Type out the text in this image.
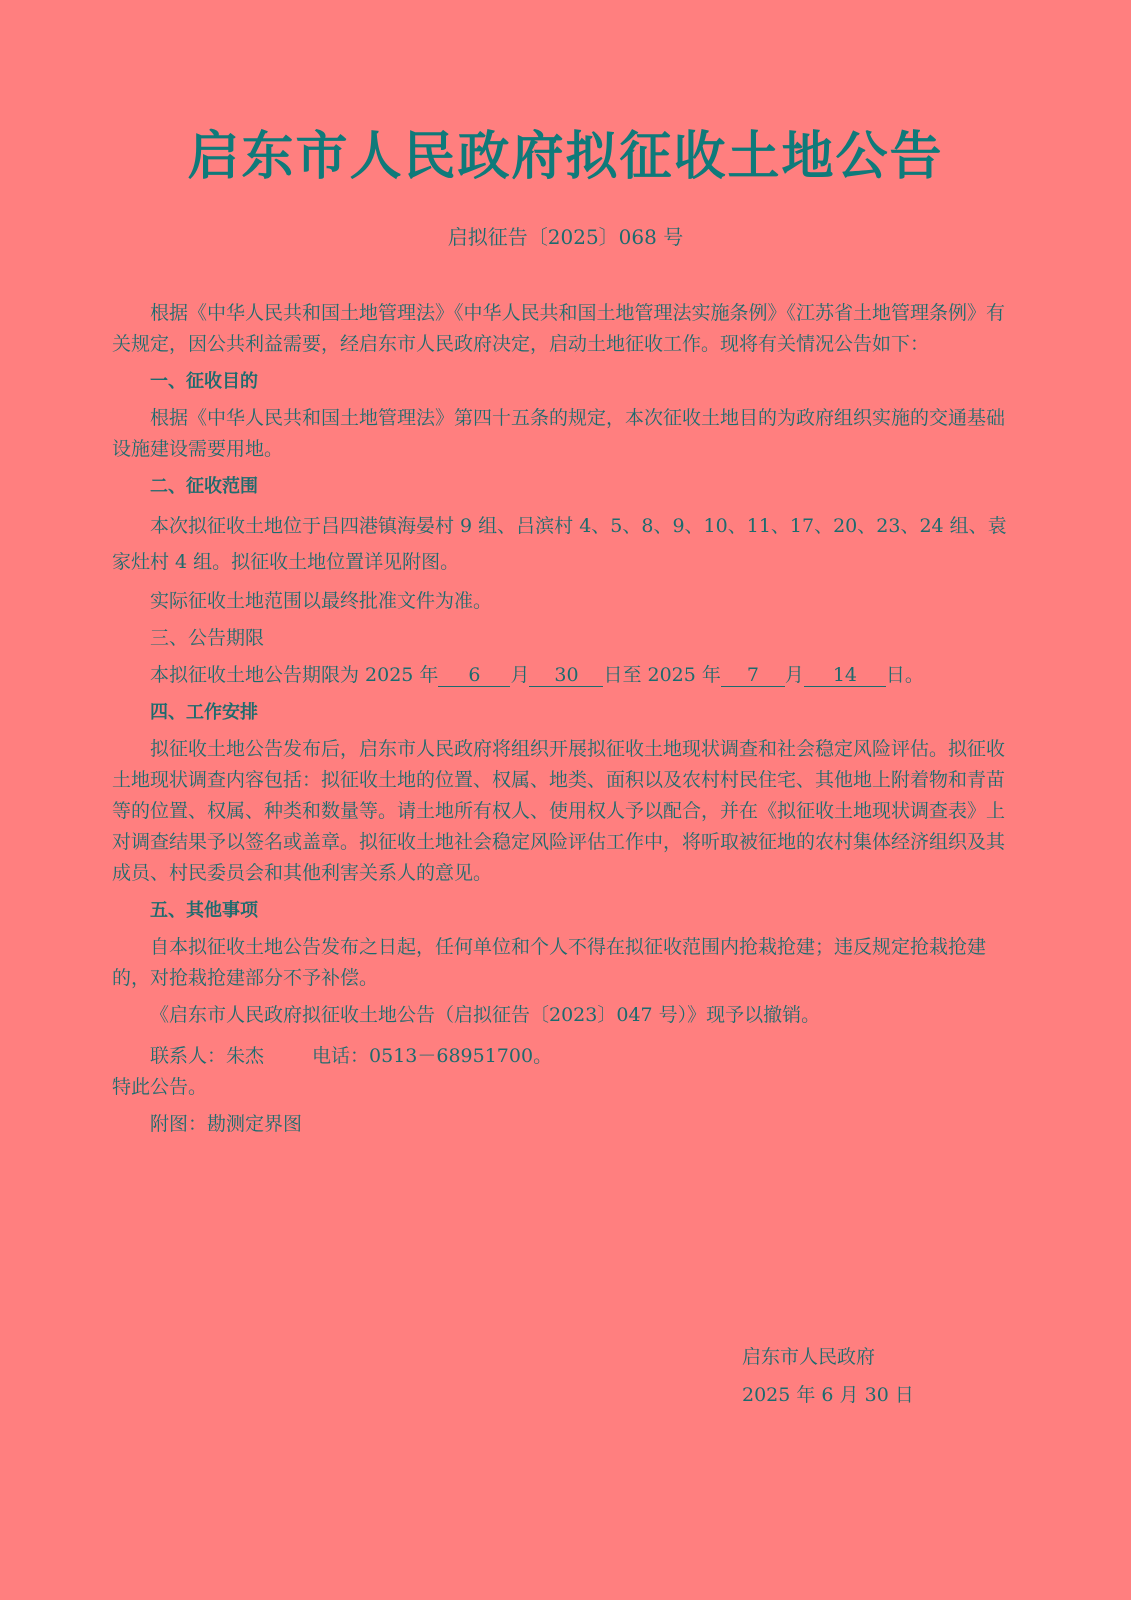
启东市人民政府拟征收土地公告
启拟征告〔2025〕068 号

根据《中华人民共和国土地管理法》《中华人民共和国土地管理法实施条例》《江苏省土地管理条例》有关规定，因公共利益需要，经启东市人民政府决定，启动土地征收工作。现将有关情况公告如下：

一、征收目的

根据《中华人民共和国土地管理法》第四十五条的规定，本次征收土地目的为政府组织实施的交通基础设施建设需要用地。

二、征收范围

本次拟征收土地位于吕四港镇海晏村 9 组、吕滨村 4、5、8、9、10、11、17、20、23、24 组、袁家灶村 4 组。拟征收土地位置详见附图。

实际征收土地范围以最终批准文件为准。

三、公告期限

本拟征收土地公告期限为 2025 年 6 月 30 日至 2025 年 7 月 14 日。

四、工作安排

拟征收土地公告发布后，启东市人民政府将组织开展拟征收土地现状调查和社会稳定风险评估。拟征收土地现状调查内容包括：拟征收土地的位置、权属、地类、面积以及农村村民住宅、其他地上附着物和青苗等的位置、权属、种类和数量等。请土地所有权人、使用权人予以配合，并在《拟征收土地现状调查表》上对调查结果予以签名或盖章。拟征收土地社会稳定风险评估工作中，将听取被征地的农村集体经济组织及其成员、村民委员会和其他利害关系人的意见。

五、其他事项

自本拟征收土地公告发布之日起，任何单位和个人不得在拟征收范围内抢栽抢建；违反规定抢栽抢建的，对抢栽抢建部分不予补偿。

《启东市人民政府拟征收土地公告（启拟征告〔2023〕047 号）》现予以撤销。

联系人：朱杰	电话：0513－68951700。

特此公告。

附图：勘测定界图

启东市人民政府
2025 年 6 月 30 日
